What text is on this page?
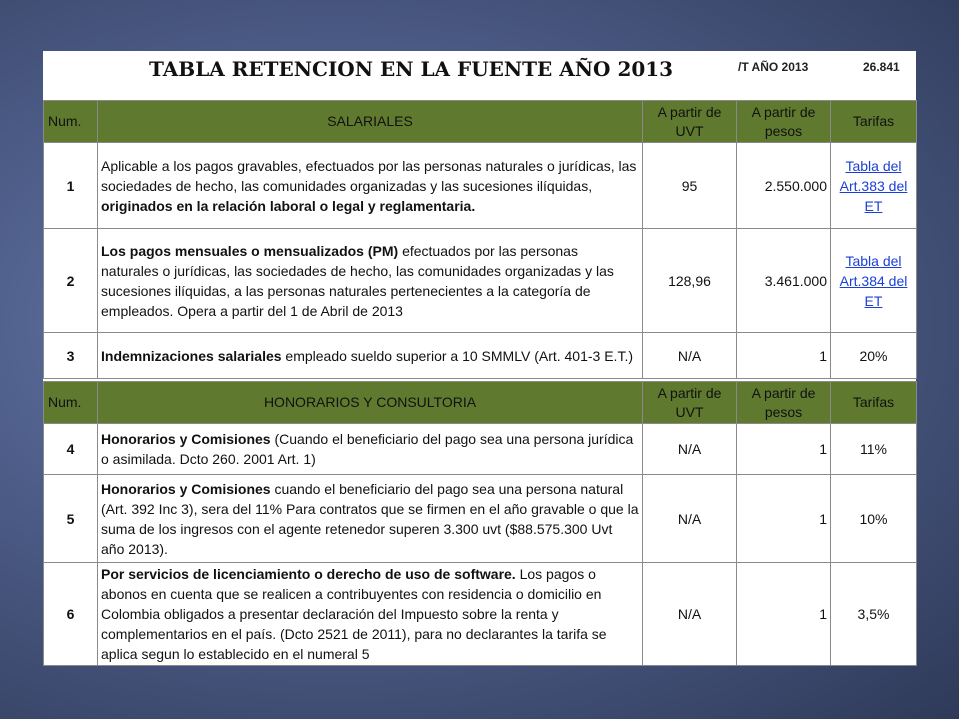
TABLA RETENCION EN LA FUENTE AÑO 2013	/T AÑO 2013	26.841
Num.	SALARIALES	A partir de UVT	A partir de pesos	Tarifas
1	Aplicable a los pagos gravables, efectuados por las personas naturales o jurídicas, las sociedades de hecho, las comunidades organizadas y las sucesiones ilíquidas, originados en la relación laboral o legal y reglamentaria.	95	2.550.000	Tabla del Art.383 del ET
2	Los pagos mensuales o mensualizados (PM) efectuados por las personas naturales o jurídicas, las sociedades de hecho, las comunidades organizadas y las sucesiones ilíquidas, a las personas naturales pertenecientes a la categoría de empleados. Opera a partir del 1 de Abril de 2013	128,96	3.461.000	Tabla del Art.384 del ET
3	Indemnizaciones salariales empleado sueldo superior a 10 SMMLV (Art. 401-3 E.T.)	N/A	1	20%
Num.	HONORARIOS Y CONSULTORIA	A partir de UVT	A partir de pesos	Tarifas
4	Honorarios y Comisiones (Cuando el beneficiario del pago sea una persona jurídica o asimilada. Dcto 260. 2001 Art. 1)	N/A	1	11%
5	Honorarios y Comisiones cuando el beneficiario del pago sea una persona natural (Art. 392 Inc 3), sera del 11% Para contratos que se firmen en el año gravable o que la suma de los ingresos con el agente retenedor superen 3.300 uvt ($88.575.300 Uvt año 2013).	N/A	1	10%
6	Por servicios de licenciamiento o derecho de uso de software. Los pagos o abonos en cuenta que se realicen a contribuyentes con residencia o domicilio en Colombia obligados a presentar declaración del Impuesto sobre la renta y complementarios en el país. (Dcto 2521 de 2011), para no declarantes la tarifa se aplica segun lo establecido en el numeral 5	N/A	1	3,5%
